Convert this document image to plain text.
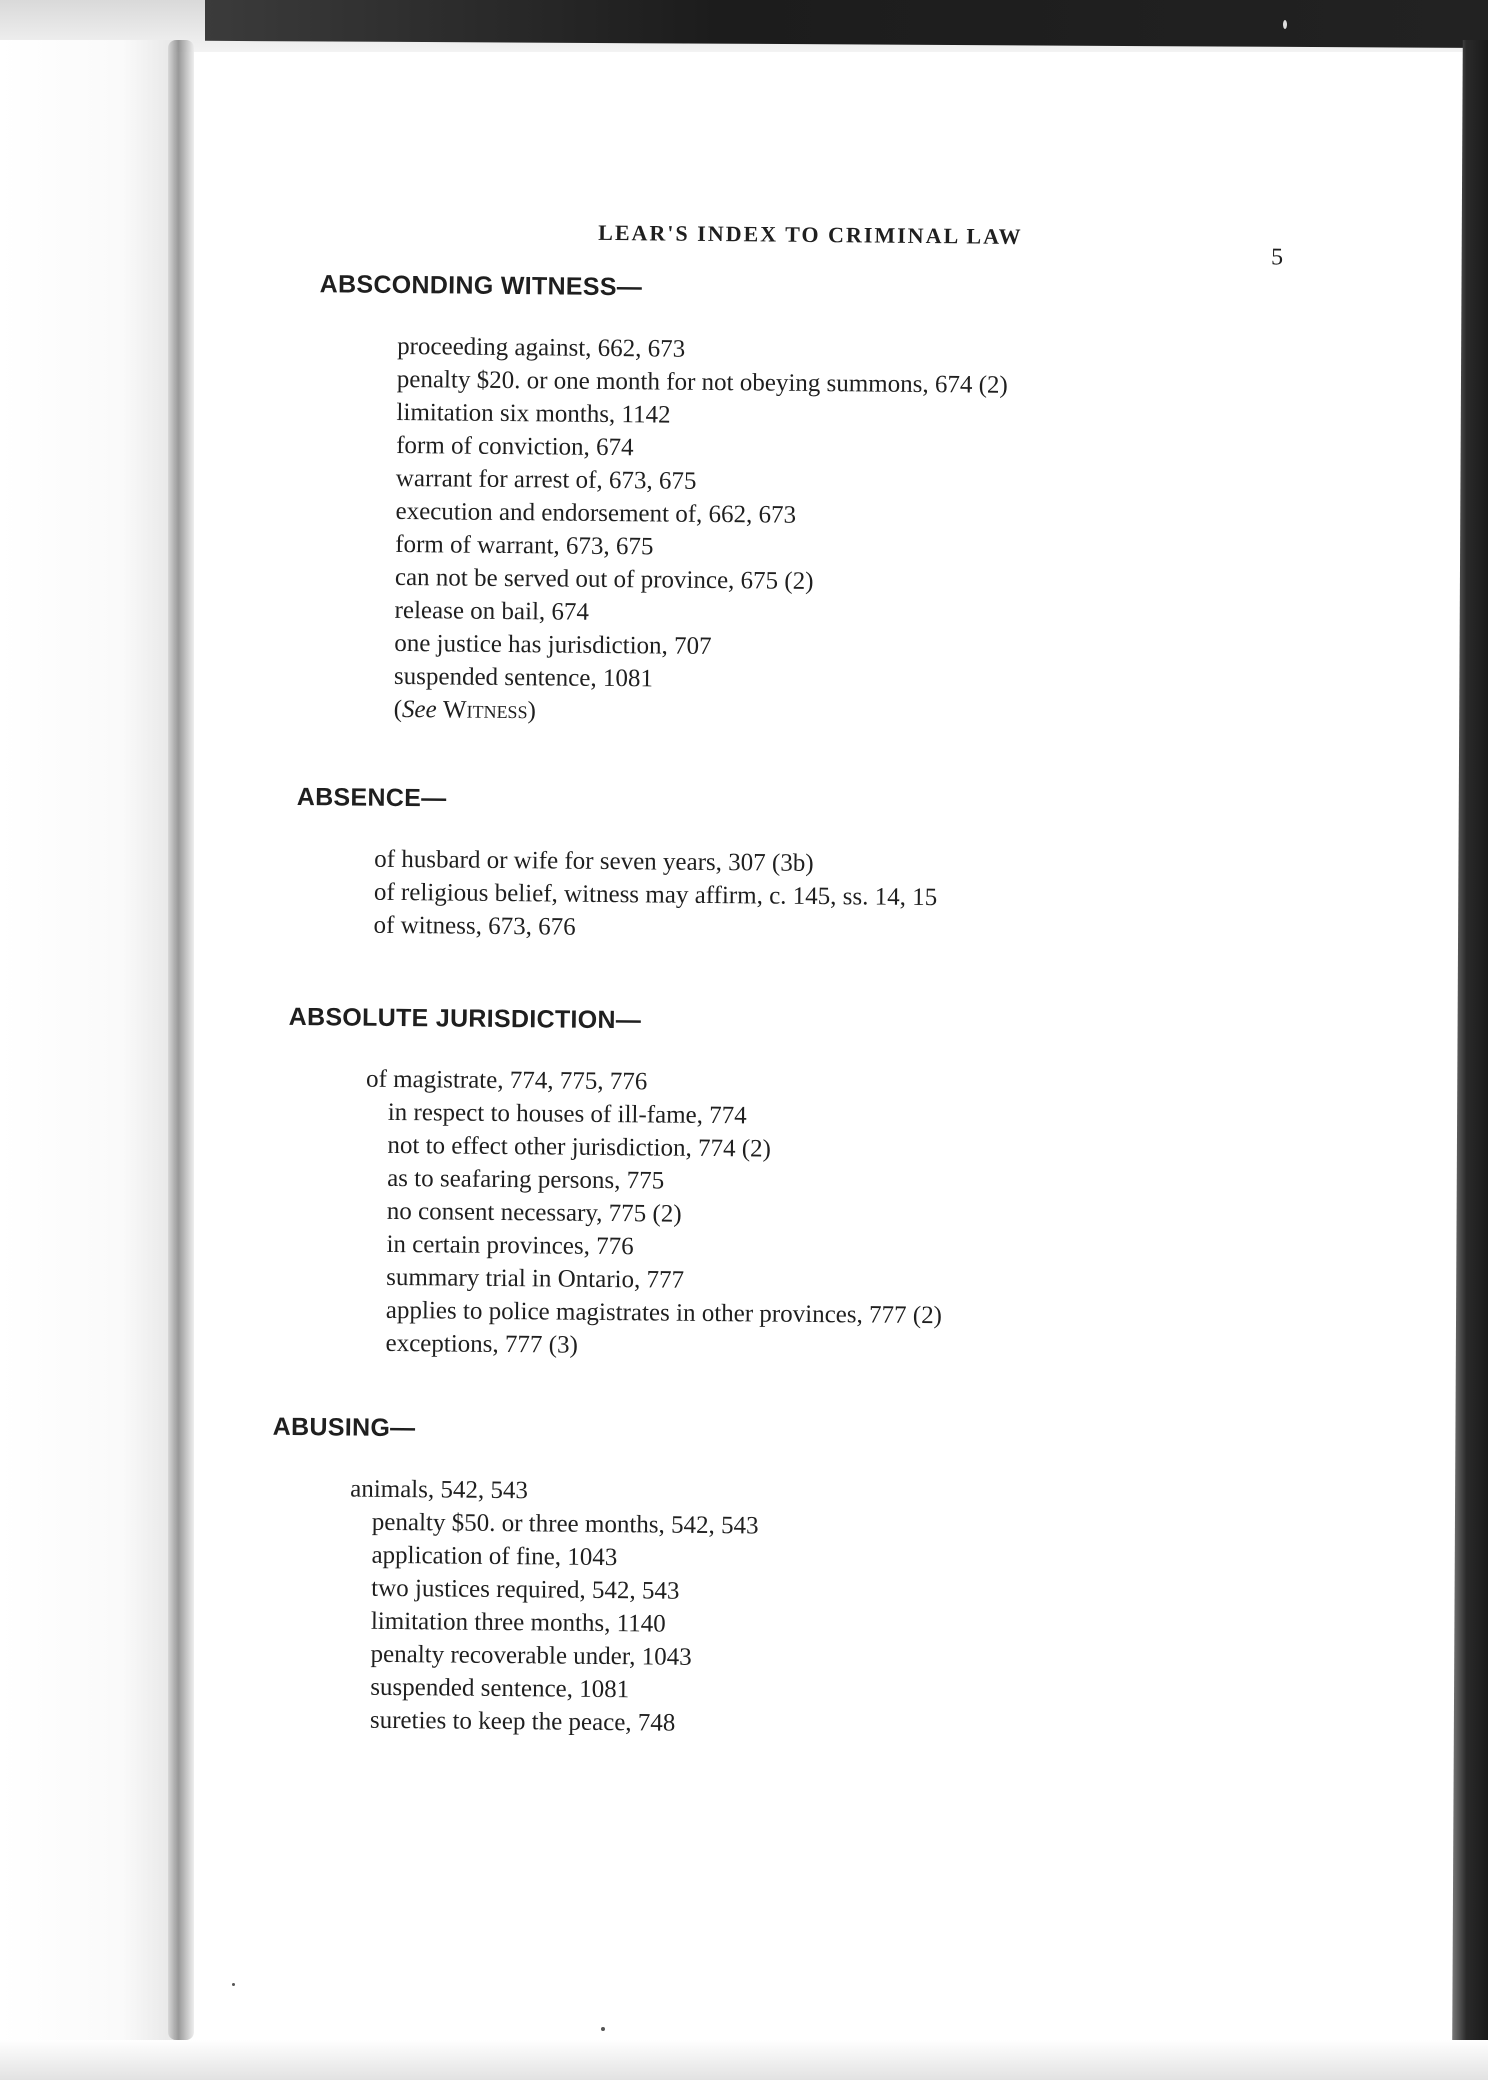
LEAR'S INDEX TO CRIMINAL LAW
5
ABSCONDING WITNESS—
proceeding against, 662, 673
penalty $20. or one month for not obeying summons, 674 (2)
limitation six months, 1142
form of conviction, 674
warrant for arrest of, 673, 675
execution and endorsement of, 662, 673
form of warrant, 673, 675
can not be served out of province, 675 (2)
release on bail, 674
one justice has jurisdiction, 707
suspended sentence, 1081
(See Witness)
ABSENCE—
of husbard or wife for seven years, 307 (3b)
of religious belief, witness may affirm, c. 145, ss. 14, 15
of witness, 673, 676
ABSOLUTE JURISDICTION—
of magistrate, 774, 775, 776
in respect to houses of ill-fame, 774
not to effect other jurisdiction, 774 (2)
as to seafaring persons, 775
no consent necessary, 775 (2)
in certain provinces, 776
summary trial in Ontario, 777
applies to police magistrates in other provinces, 777 (2)
exceptions, 777 (3)
ABUSING—
animals, 542, 543
penalty $50. or three months, 542, 543
application of fine, 1043
two justices required, 542, 543
limitation three months, 1140
penalty recoverable under, 1043
suspended sentence, 1081
sureties to keep the peace, 748
